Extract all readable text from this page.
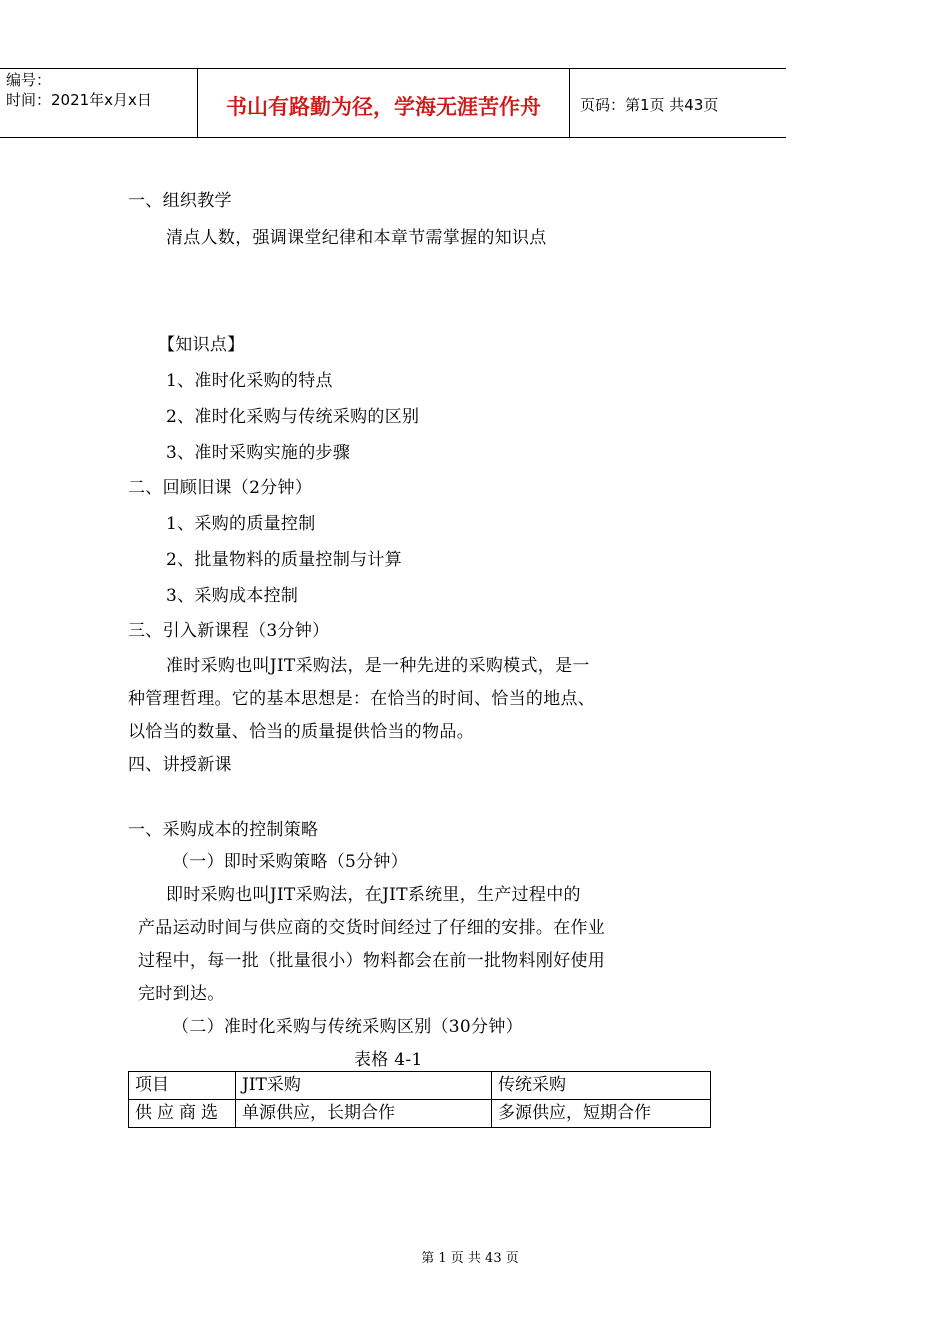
编号：
时间：2021年x月x日	书山有路勤为径，学海无涯苦作舟	页码：第1页 共43页
一、组织教学
清点人数，强调课堂纪律和本章节需掌握的知识点
【知识点】
1、准时化采购的特点
2、准时化采购与传统采购的区别
3、准时采购实施的步骤
二、回顾旧课（2分钟）
1、采购的质量控制
2、批量物料的质量控制与计算
3、采购成本控制
三、引入新课程（3分钟）
准时采购也叫JIT采购法，是一种先进的采购模式，是一
种管理哲理。它的基本思想是：在恰当的时间、恰当的地点、
以恰当的数量、恰当的质量提供恰当的物品。
四、讲授新课
一、采购成本的控制策略
（一）即时采购策略（5分钟）
即时采购也叫JIT采购法，在JIT系统里，生产过程中的
产品运动时间与供应商的交货时间经过了仔细的安排。在作业
过程中，每一批（批量很小）物料都会在前一批物料刚好使用
完时到达。
（二）准时化采购与传统采购区别（30分钟）
表格 4-1
项目	JIT采购	传统采购
供应商选	单源供应，长期合作	多源供应，短期合作
第 1 页 共 43 页
